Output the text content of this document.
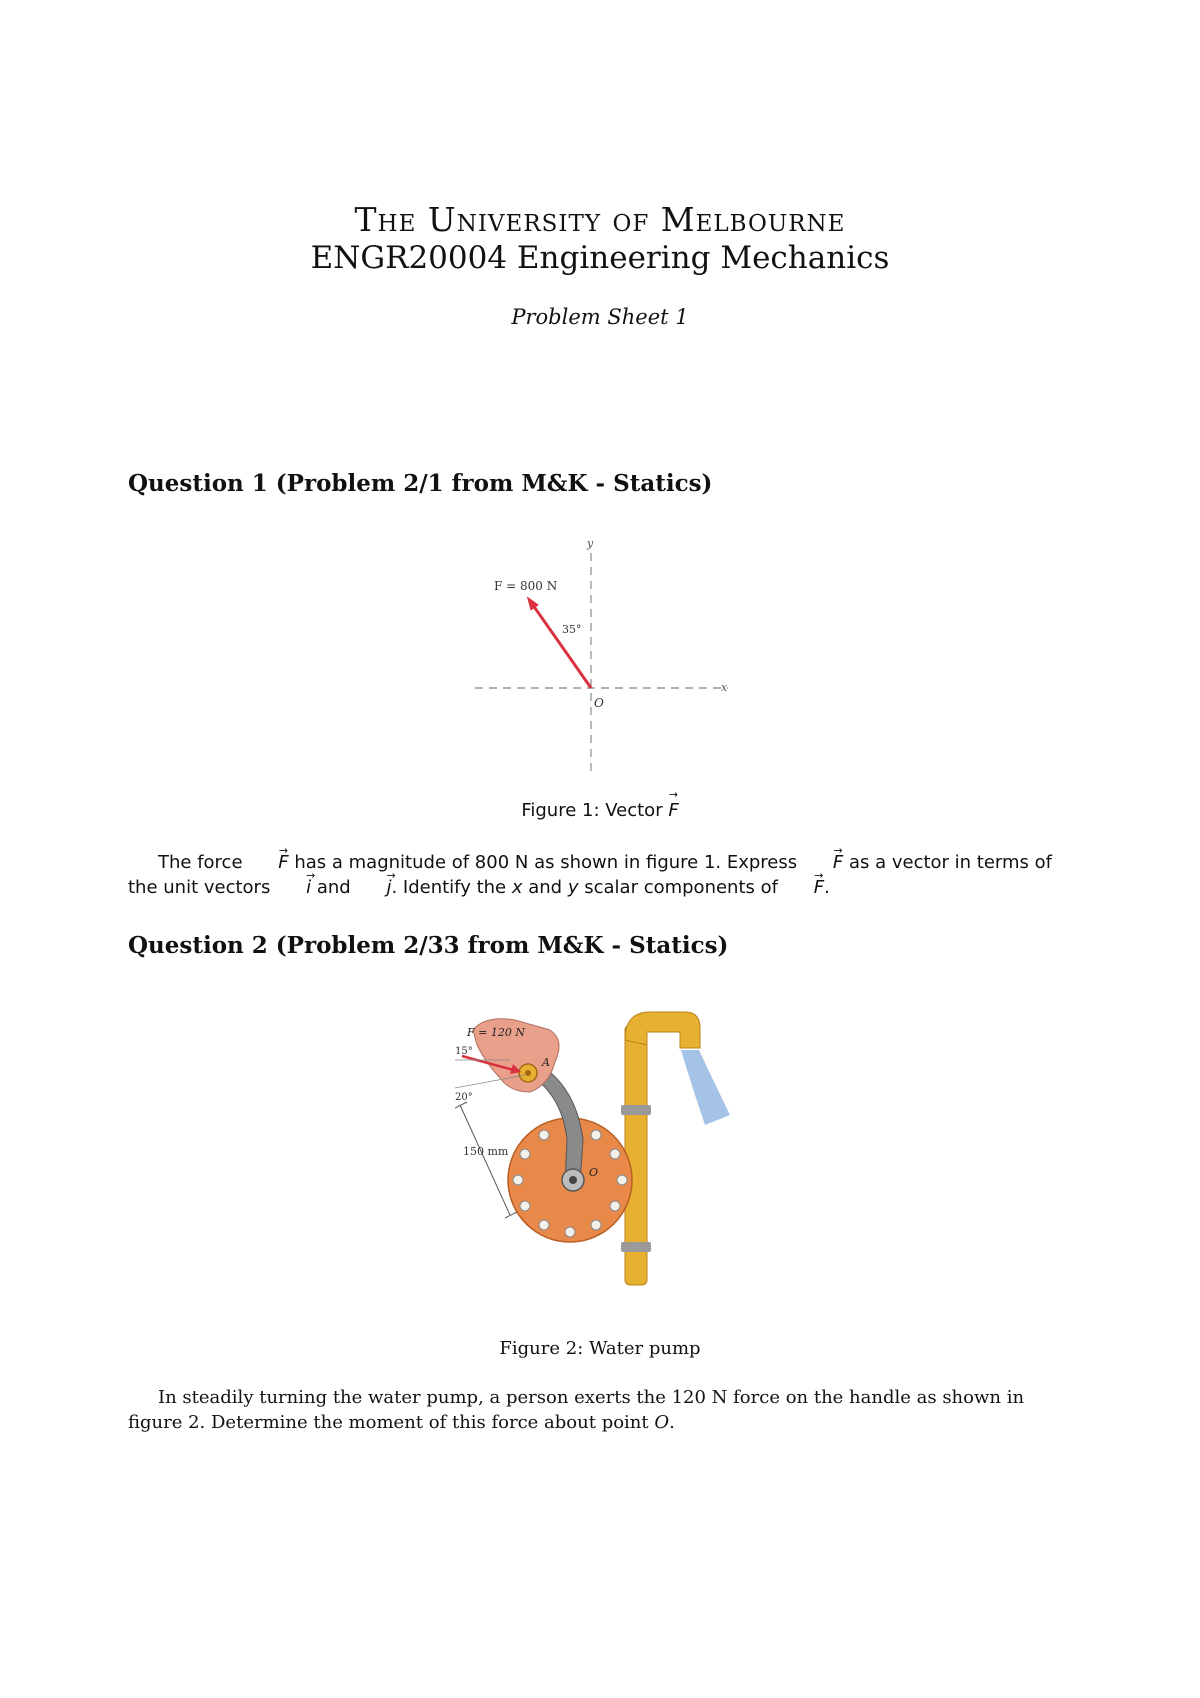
The University of Melbourne
ENGR20004 Engineering Mechanics
Problem Sheet 1
Question 1 (Problem 2/1 from M&K - Statics)
y
x
O
F = 800 N
35°
Figure 1: Vector → F
The force → F has a magnitude of 800 N as shown in figure 1. Express → F as a vector in terms of the unit vectors → i and → j. Identify the x and y scalar components of → F.
Question 2 (Problem 2/33 from M&K - Statics)
O
A
F = 120 N
15°
20°
150 mm
Figure 2: Water pump
In steadily turning the water pump, a person exerts the 120 N force on the handle as shown in figure 2. Determine the moment of this force about point O.
